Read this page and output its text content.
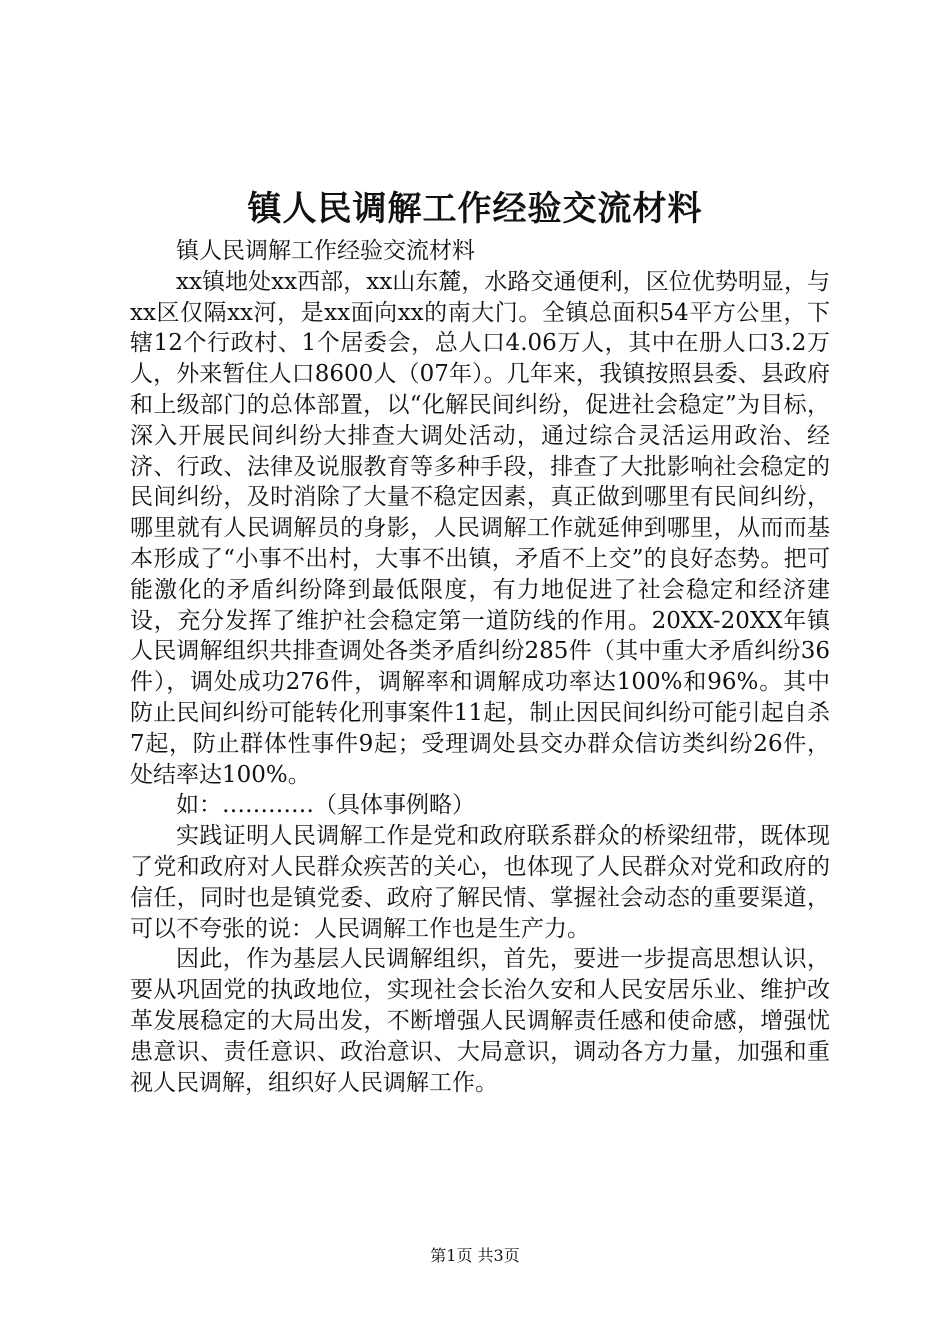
镇人民调解工作经验交流材料

镇人民调解工作经验交流材料

xx镇地处xx西部，xx山东麓，水路交通便利，区位优势明显，与xx区仅隔xx河，是xx面向xx的南大门。全镇总面积54平方公里，下辖12个行政村、1个居委会，总人口4.06万人，其中在册人口3.2万人，外来暂住人口8600人（07年）。几年来，我镇按照县委、县政府和上级部门的总体部置，以“化解民间纠纷，促进社会稳定”为目标，深入开展民间纠纷大排查大调处活动，通过综合灵活运用政治、经济、行政、法律及说服教育等多种手段，排查了大批影响社会稳定的民间纠纷，及时消除了大量不稳定因素，真正做到哪里有民间纠纷，哪里就有人民调解员的身影，人民调解工作就延伸到哪里，从而而基本形成了“小事不出村，大事不出镇，矛盾不上交”的良好态势。把可能激化的矛盾纠纷降到最低限度，有力地促进了社会稳定和经济建设，充分发挥了维护社会稳定第一道防线的作用。20XX-20XX年镇人民调解组织共排查调处各类矛盾纠纷285件（其中重大矛盾纠纷36件），调处成功276件，调解率和调解成功率达100%和96%。其中防止民间纠纷可能转化刑事案件11起，制止因民间纠纷可能引起自杀7起，防止群体性事件9起；受理调处县交办群众信访类纠纷26件，处结率达100%。

如：…………（具体事例略）

实践证明人民调解工作是党和政府联系群众的桥梁纽带，既体现了党和政府对人民群众疾苦的关心，也体现了人民群众对党和政府的信任，同时也是镇党委、政府了解民情、掌握社会动态的重要渠道，可以不夸张的说：人民调解工作也是生产力。

因此，作为基层人民调解组织，首先，要进一步提高思想认识，要从巩固党的执政地位，实现社会长治久安和人民安居乐业、维护改革发展稳定的大局出发，不断增强人民调解责任感和使命感，增强忧患意识、责任意识、政治意识、大局意识，调动各方力量，加强和重视人民调解，组织好人民调解工作。

第1页 共3页
